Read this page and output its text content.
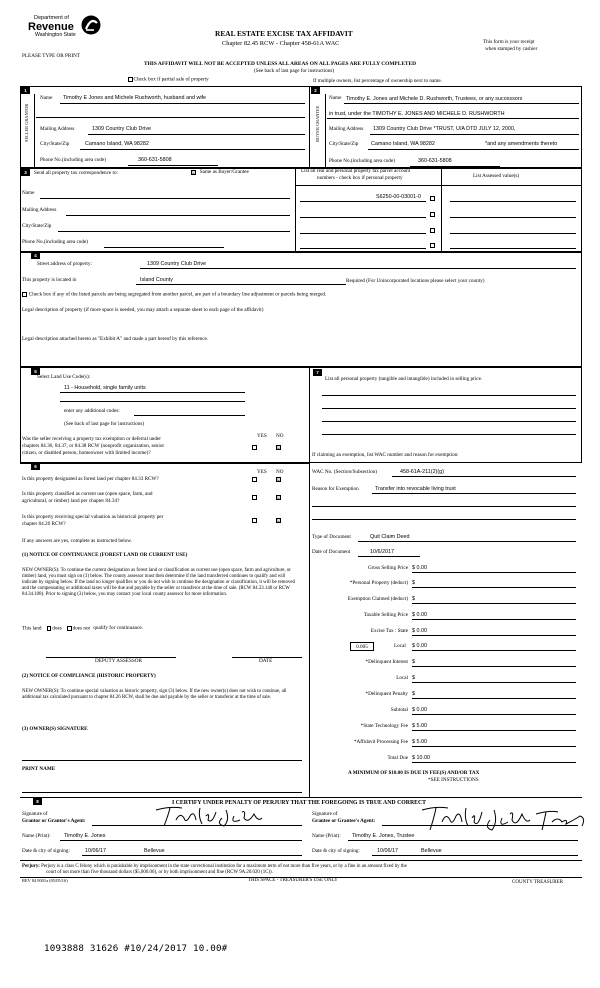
Department of
Revenue
Washington State	REAL ESTATE EXCISE TAX AFFIDAVIT
Chapter 82.45 RCW - Chapter 458-61A WAC	This form is your receipt
when stamped by cashier
PLEASE TYPE OR PRINT
THIS AFFIDAVIT WILL NOT BE ACCEPTED UNLESS ALL AREAS ON ALL PAGES ARE FULLY COMPLETED
(See back of last page for instructions)
Check box if partial sale of property	If multiple owners, list percentage of ownership next to name.
1	2
SELLER GRANTOR	BUYER GRANTEE
Name Timothy E Jones and Michele Rushworth, husband and wife
Mailing Address	1309 Country Club Drive
City/State/Zip	Camano Island, WA 98282
Phone No.(including area code)	360-631-5808
Name Timothy E. Jones and Michele D. Rushworth, Trustees, or any successors
in trust, under the TIMOTHY E. JONES AND MICHELE D. RUSHWORTH
Mailing Address 1309 Country Club Drive *TRUST, U/A DTD JULY 12, 2000,
City/State/Zip Camano Island, WA 98282	*and any amendments thereto
Phone No.(including area code)	360-631-5808
3	Send all property tax correspondence to:	☑ Same as Buyer/Grantee	List all real and personal property tax parcel account
numbers - check box if personal property	List Assessed value(s)
Name
Mailing Address
City/State/Zip
Phone No.(including area code)
S6250-00-03001-0
4
Street address of property:	1309 Country Club Drive
This property is located in	Island County	Required (For Unincorporated locations please select your county)
Check box if any of the listed parcels are being segregated from another parcel, are part of a boundary line adjustment or parcels being merged.
Legal description of property (if more space is needed, you may attach a separate sheet to each page of the affidavit)
Legal description attached hereto as "Exhibit A" and made a part hereof by this reference.
5
Select Land Use Code(s):
11 - Household, single family units
enter any additional codes:
(See back of last page for instructions)
YES NO
Was the seller receiving a property tax exemption or deferral under
chapters 84.36, 84.37, or 84.38 RCW (nonprofit organization, senior
citizen, or disabled person, homeowner with limited income)?
☑
6
YES NO
Is this property designated as forest land per chapter 84.33 RCW?	☑
Is this property classified as current use (open space, farm, and
agricultural, or timber) land per chapter 84.34?
☑
Is this property receiving special valuation as historical property per
chapter 84.26 RCW?
☑
If any answers are yes, complete as instructed below.
(1) NOTICE OF CONTINUANCE (FOREST LAND OR CURRENT USE)
NEW OWNER(S): To continue the current designation as forest land or classification as current use (open space, farm and agriculture, or timber) land, you must sign on (3) below. The county assessor must then determine if the land transferred continues to qualify and will indicate by signing below. If the land no longer qualifies or you do not wish to continue the designation or classification, it will be removed and the compensating or additional taxes will be due and payable by the seller or transferor at the time of sale. (RCW 84.33.140 or RCW 84.34.108). Prior to signing (3) below, you may contact your local county assessor for more information.
This land does does not qualify for continuance.
DEPUTY ASSESSOR	DATE
(2) NOTICE OF COMPLIANCE (HISTORIC PROPERTY)
NEW OWNER(S): To continue special valuation as historic property, sign (3) below. If the new owner(s) does not wish to continue, all additional tax calculated pursuant to chapter 84.26 RCW, shall be due and payable by the seller or transferor at the time of sale.
(3) OWNER(S) SIGNATURE
PRINT NAME
7
List all personal property (tangible and intangible) included in selling price.
If claiming an exemption, list WAC number and reason for exemption:
WAC No. (Section/Subsection)	458-61A-211(2)(g)
Reason for Exemption	Transfer into revocable living trust
Type of Document	Quit Claim Deed
Date of Document	10/6/2017
Gross Selling Price $ 0.00
*Personal Property (deduct) $
Exemption Claimed (deduct) $
Taxable Selling Price $ 0.00
Excise Tax : State $ 0.00
0.005	Local $ 0.00
*Delinquent Interest $
Local $
*Delinquent Penalty $
Subtotal $ 0.00
*State Technology Fee $ 5.00
*Affidavit Processing Fee $ 5.00
Total Due $ 10.00
A MINIMUM OF $10.00 IS DUE IN FEE(S) AND/OR TAX
*SEE INSTRUCTIONS
8	I CERTIFY UNDER PENALTY OF PERJURY THAT THE FOREGOING IS TRUE AND CORRECT
Signature of
Grantor or Grantor's Agent:
Signature of
Grantee or Grantee's Agent:
Name (Print): Timothy E. Jones	Name (Print): Timothy E. Jones, Trustee
Date & city of signing:	10/06/17	Bellevue	Date & city of signing:	10/06/17	Bellevue
Perjury: Perjury is a class C felony which is punishable by imprisonment in the state correctional institution for a maximum term of not more than five years, or by a fine in an amount fixed by the
court of not more than five thousand dollars ($5,000.00), or by both imprisonment and fine (RCW 9A.20.020 (1C)).
REV 84 0001a (05/05/16)	THIS SPACE - TREASURER'S USE ONLY	COUNTY TREASURER
1093888 31626 #10/24/2017 10.00#
